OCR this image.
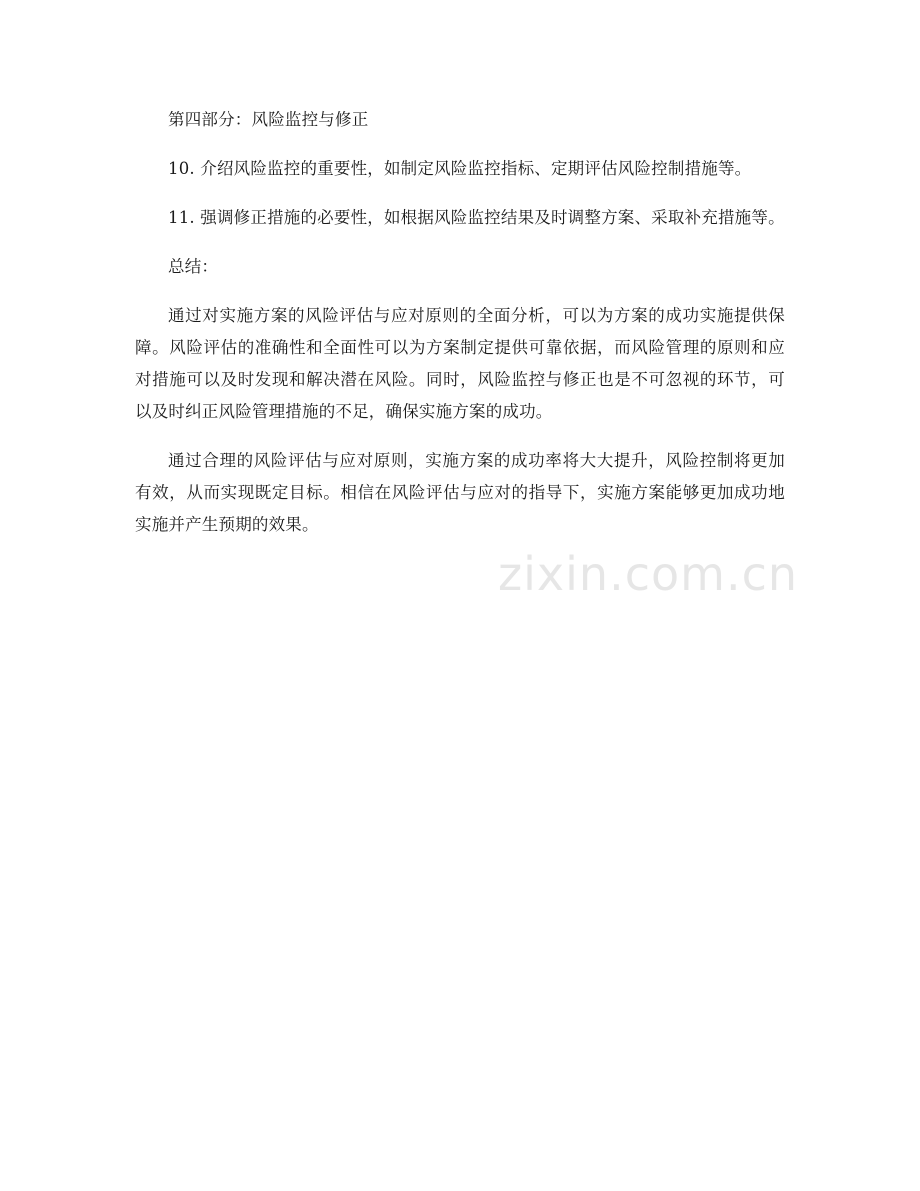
第四部分：风险监控与修正

10. 介绍风险监控的重要性，如制定风险监控指标、定期评估风险控制措施等。

11. 强调修正措施的必要性，如根据风险监控结果及时调整方案、采取补充措施等。

总结：

通过对实施方案的风险评估与应对原则的全面分析，可以为方案的成功实施提供保障。风险评估的准确性和全面性可以为方案制定提供可靠依据，而风险管理的原则和应对措施可以及时发现和解决潜在风险。同时，风险监控与修正也是不可忽视的环节，可以及时纠正风险管理措施的不足，确保实施方案的成功。

通过合理的风险评估与应对原则，实施方案的成功率将大大提升，风险控制将更加有效，从而实现既定目标。相信在风险评估与应对的指导下，实施方案能够更加成功地实施并产生预期的效果。

zixin.com.cn
